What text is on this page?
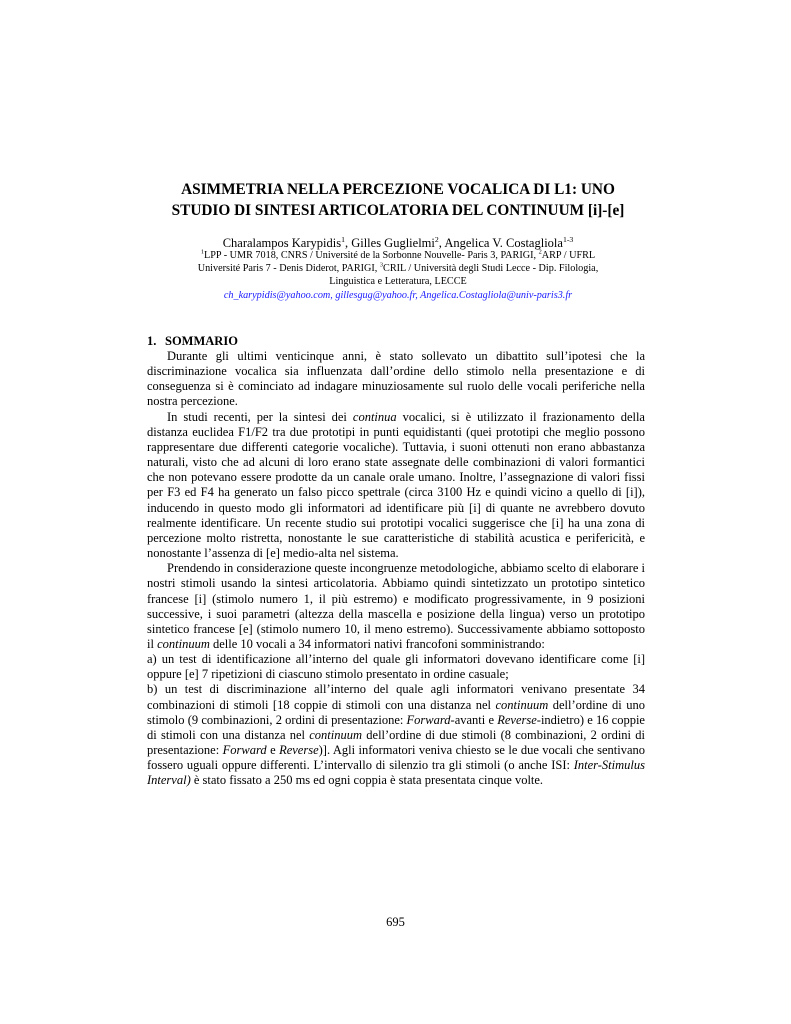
ASIMMETRIA NELLA PERCEZIONE VOCALICA DI L1: UNO
STUDIO DI SINTESI ARTICOLATORIA DEL CONTINUUM [i]-[e]
Charalampos Karypidis$^1$, Gilles Guglielmi$^2$, Angelica V. Costagliola$^{1-3}$
$^1$LPP - UMR 7018, CNRS / Université de la Sorbonne Nouvelle- Paris 3, PARIGI, $^2$ARP / UFRL
Université Paris 7 - Denis Diderot, PARIGI, $^3$CRIL / Università degli Studi Lecce - Dip. Filologia,
Linguistica e Letteratura, LECCE
ch_karypidis@yahoo.com, gillesgug@yahoo.fr, Angelica.Costagliola@univ-paris3.fr
1. SOMMARIO

Durante gli ultimi venticinque anni, è stato sollevato un dibattito sull’ipotesi che la discriminazione vocalica sia influenzata dall’ordine dello stimolo nella presentazione e di conseguenza si è cominciato ad indagare minuziosamente sul ruolo delle vocali periferiche nella nostra percezione.

In studi recenti, per la sintesi dei continua vocalici, si è utilizzato il frazionamento della distanza euclidea F1/F2 tra due prototipi in punti equidistanti (quei prototipi che meglio possono rappresentare due differenti categorie vocaliche). Tuttavia, i suoni ottenuti non erano abbastanza naturali, visto che ad alcuni di loro erano state assegnate delle combinazioni di valori formantici che non potevano essere prodotte da un canale orale umano. Inoltre, l’assegnazione di valori fissi per F3 ed F4 ha generato un falso picco spettrale (circa 3100 Hz e quindi vicino a quello di [i]), inducendo in questo modo gli informatori ad identificare più [i] di quante ne avrebbero dovuto realmente identificare. Un recente studio sui prototipi vocalici suggerisce che [i] ha una zona di percezione molto ristretta, nonostante le sue caratteristiche di stabilità acustica e perifericità, e nonostante l’assenza di [e] medio-alta nel sistema.

Prendendo in considerazione queste incongruenze metodologiche, abbiamo scelto di elaborare i nostri stimoli usando la sintesi articolatoria. Abbiamo quindi sintetizzato un prototipo sintetico francese [i] (stimolo numero 1, il più estremo) e modificato progressivamente, in 9 posizioni successive, i suoi parametri (altezza della mascella e posizione della lingua) verso un prototipo sintetico francese [e] (stimolo numero 10, il meno estremo). Successivamente abbiamo sottoposto il continuum delle 10 vocali a 34 informatori nativi francofoni somministrando:

a) un test di identificazione all’interno del quale gli informatori dovevano identificare come [i] oppure [e] 7 ripetizioni di ciascuno stimolo presentato in ordine casuale;

b) un test di discriminazione all’interno del quale agli informatori venivano presentate 34 combinazioni di stimoli [18 coppie di stimoli con una distanza nel continuum dell’ordine di uno stimolo (9 combinazioni, 2 ordini di presentazione: Forward-avanti e Reverse-indietro) e 16 coppie di stimoli con una distanza nel continuum dell’ordine di due stimoli (8 combinazioni, 2 ordini di presentazione: Forward e Reverse)]. Agli informatori veniva chiesto se le due vocali che sentivano fossero uguali oppure differenti. L’intervallo di silenzio tra gli stimoli (o anche ISI: Inter-Stimulus Interval) è stato fissato a 250 ms ed ogni coppia è stata presentata cinque volte.

695
